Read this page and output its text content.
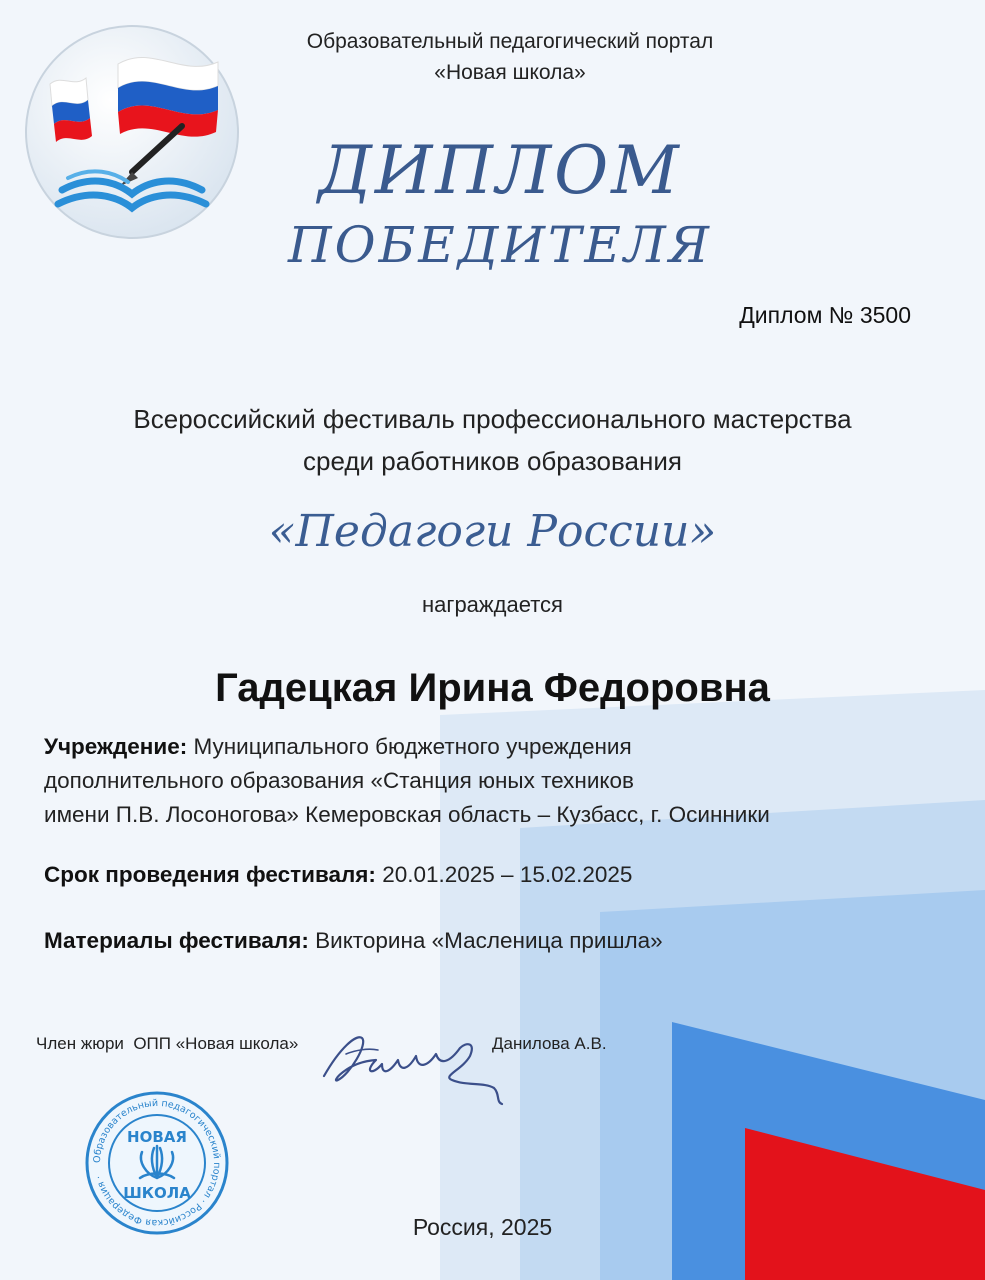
Образовательный педагогический портал
«Новая школа»
ДИПЛОМ
ПОБЕДИТЕЛЯ
Диплом № 3500
Всероссийский фестиваль профессионального мастерства
среди работников образования
«Педагоги России»
награждается
Гадецкая Ирина Федоровна
Учреждение: Муниципального бюджетного учреждения
дополнительного образования «Станция юных техников
имени П.В. Лосоногова» Кемеровская область – Кузбасс, г. Осинники
Срок проведения фестиваля: 20.01.2025 – 15.02.2025
Материалы фестиваля: Викторина «Масленица пришла»
Член жюри  ОПП «Новая школа»	Данилова А.В.
Образовательный педагогический портал · Российская Федерация ·
НОВАЯ
ШКОЛА
Россия, 2025
